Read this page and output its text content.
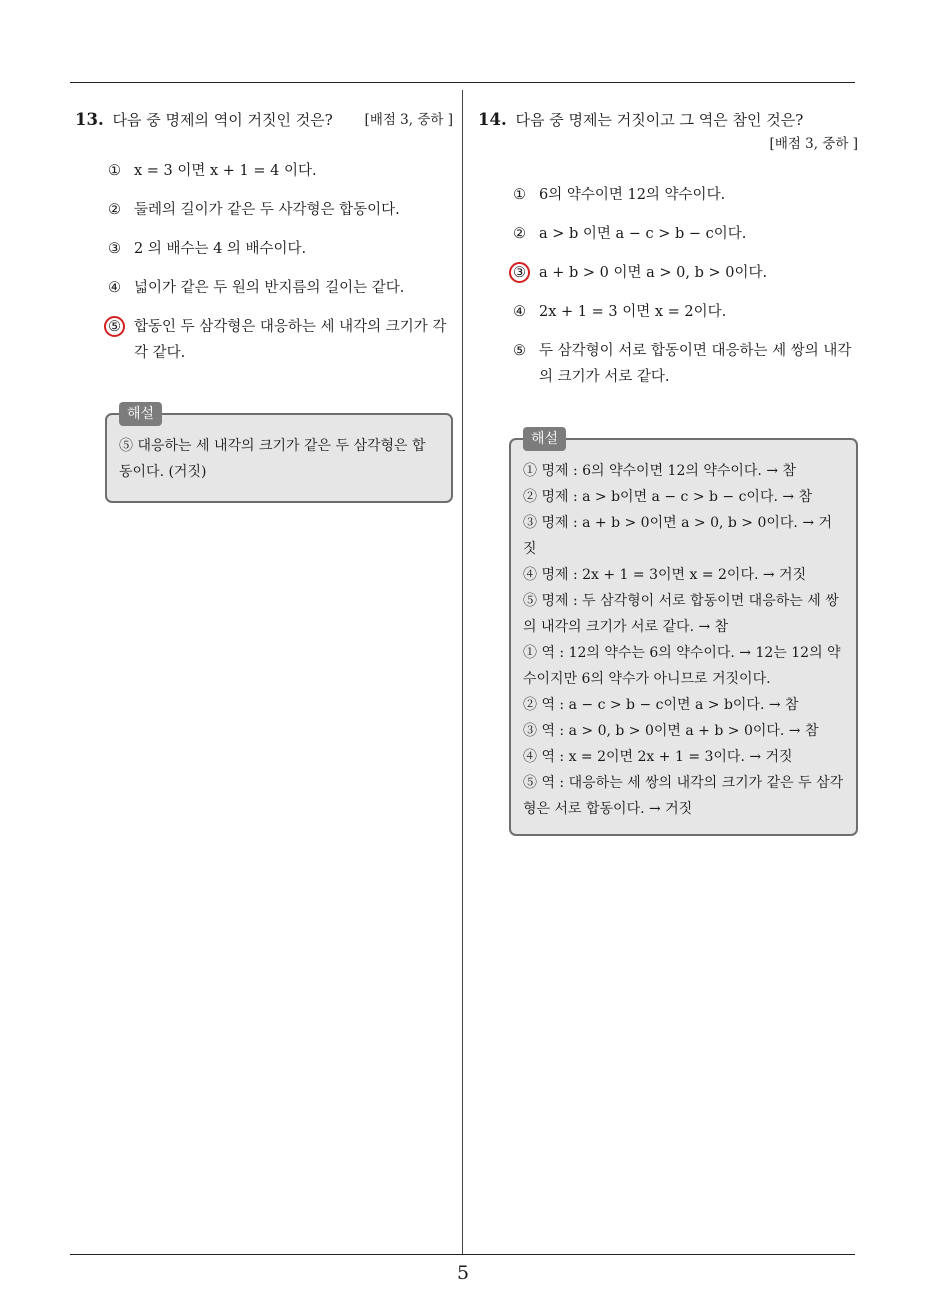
13. 다음 중 명제의 역이 거짓인 것은? [배점 3, 중하 ]
① x = 3 이면 x + 1 = 4 이다.
② 둘레의 길이가 같은 두 사각형은 합동이다.
③ 2 의 배수는 4 의 배수이다.
④ 넓이가 같은 두 원의 반지름의 길이는 같다.
⑤ 합동인 두 삼각형은 대응하는 세 내각의 크기가 각각 같다.
해설
⑤ 대응하는 세 내각의 크기가 같은 두 삼각형은 합동이다. (거짓)
14. 다음 중 명제는 거짓이고 그 역은 참인 것은?
[배점 3, 중하 ]
① 6의 약수이면 12의 약수이다.
② a > b 이면 a − c > b − c이다.
③ a + b > 0 이면 a > 0, b > 0이다.
④ 2x + 1 = 3 이면 x = 2이다.
⑤ 두 삼각형이 서로 합동이면 대응하는 세 쌍의 내각의 크기가 서로 같다.
해설
① 명제 : 6의 약수이면 12의 약수이다. → 참
② 명제 : a > b이면 a − c > b − c이다. → 참
③ 명제 : a + b > 0이면 a > 0, b > 0이다. → 거짓
④ 명제 : 2x + 1 = 3이면 x = 2이다. → 거짓
⑤ 명제 : 두 삼각형이 서로 합동이면 대응하는 세 쌍의 내각의 크기가 서로 같다. → 참
① 역 : 12의 약수는 6의 약수이다. → 12는 12의 약수이지만 6의 약수가 아니므로 거짓이다.
② 역 : a − c > b − c이면 a > b이다. → 참
③ 역 : a > 0, b > 0이면 a + b > 0이다. → 참
④ 역 : x = 2이면 2x + 1 = 3이다. → 거짓
⑤ 역 : 대응하는 세 쌍의 내각의 크기가 같은 두 삼각형은 서로 합동이다. → 거짓
5
